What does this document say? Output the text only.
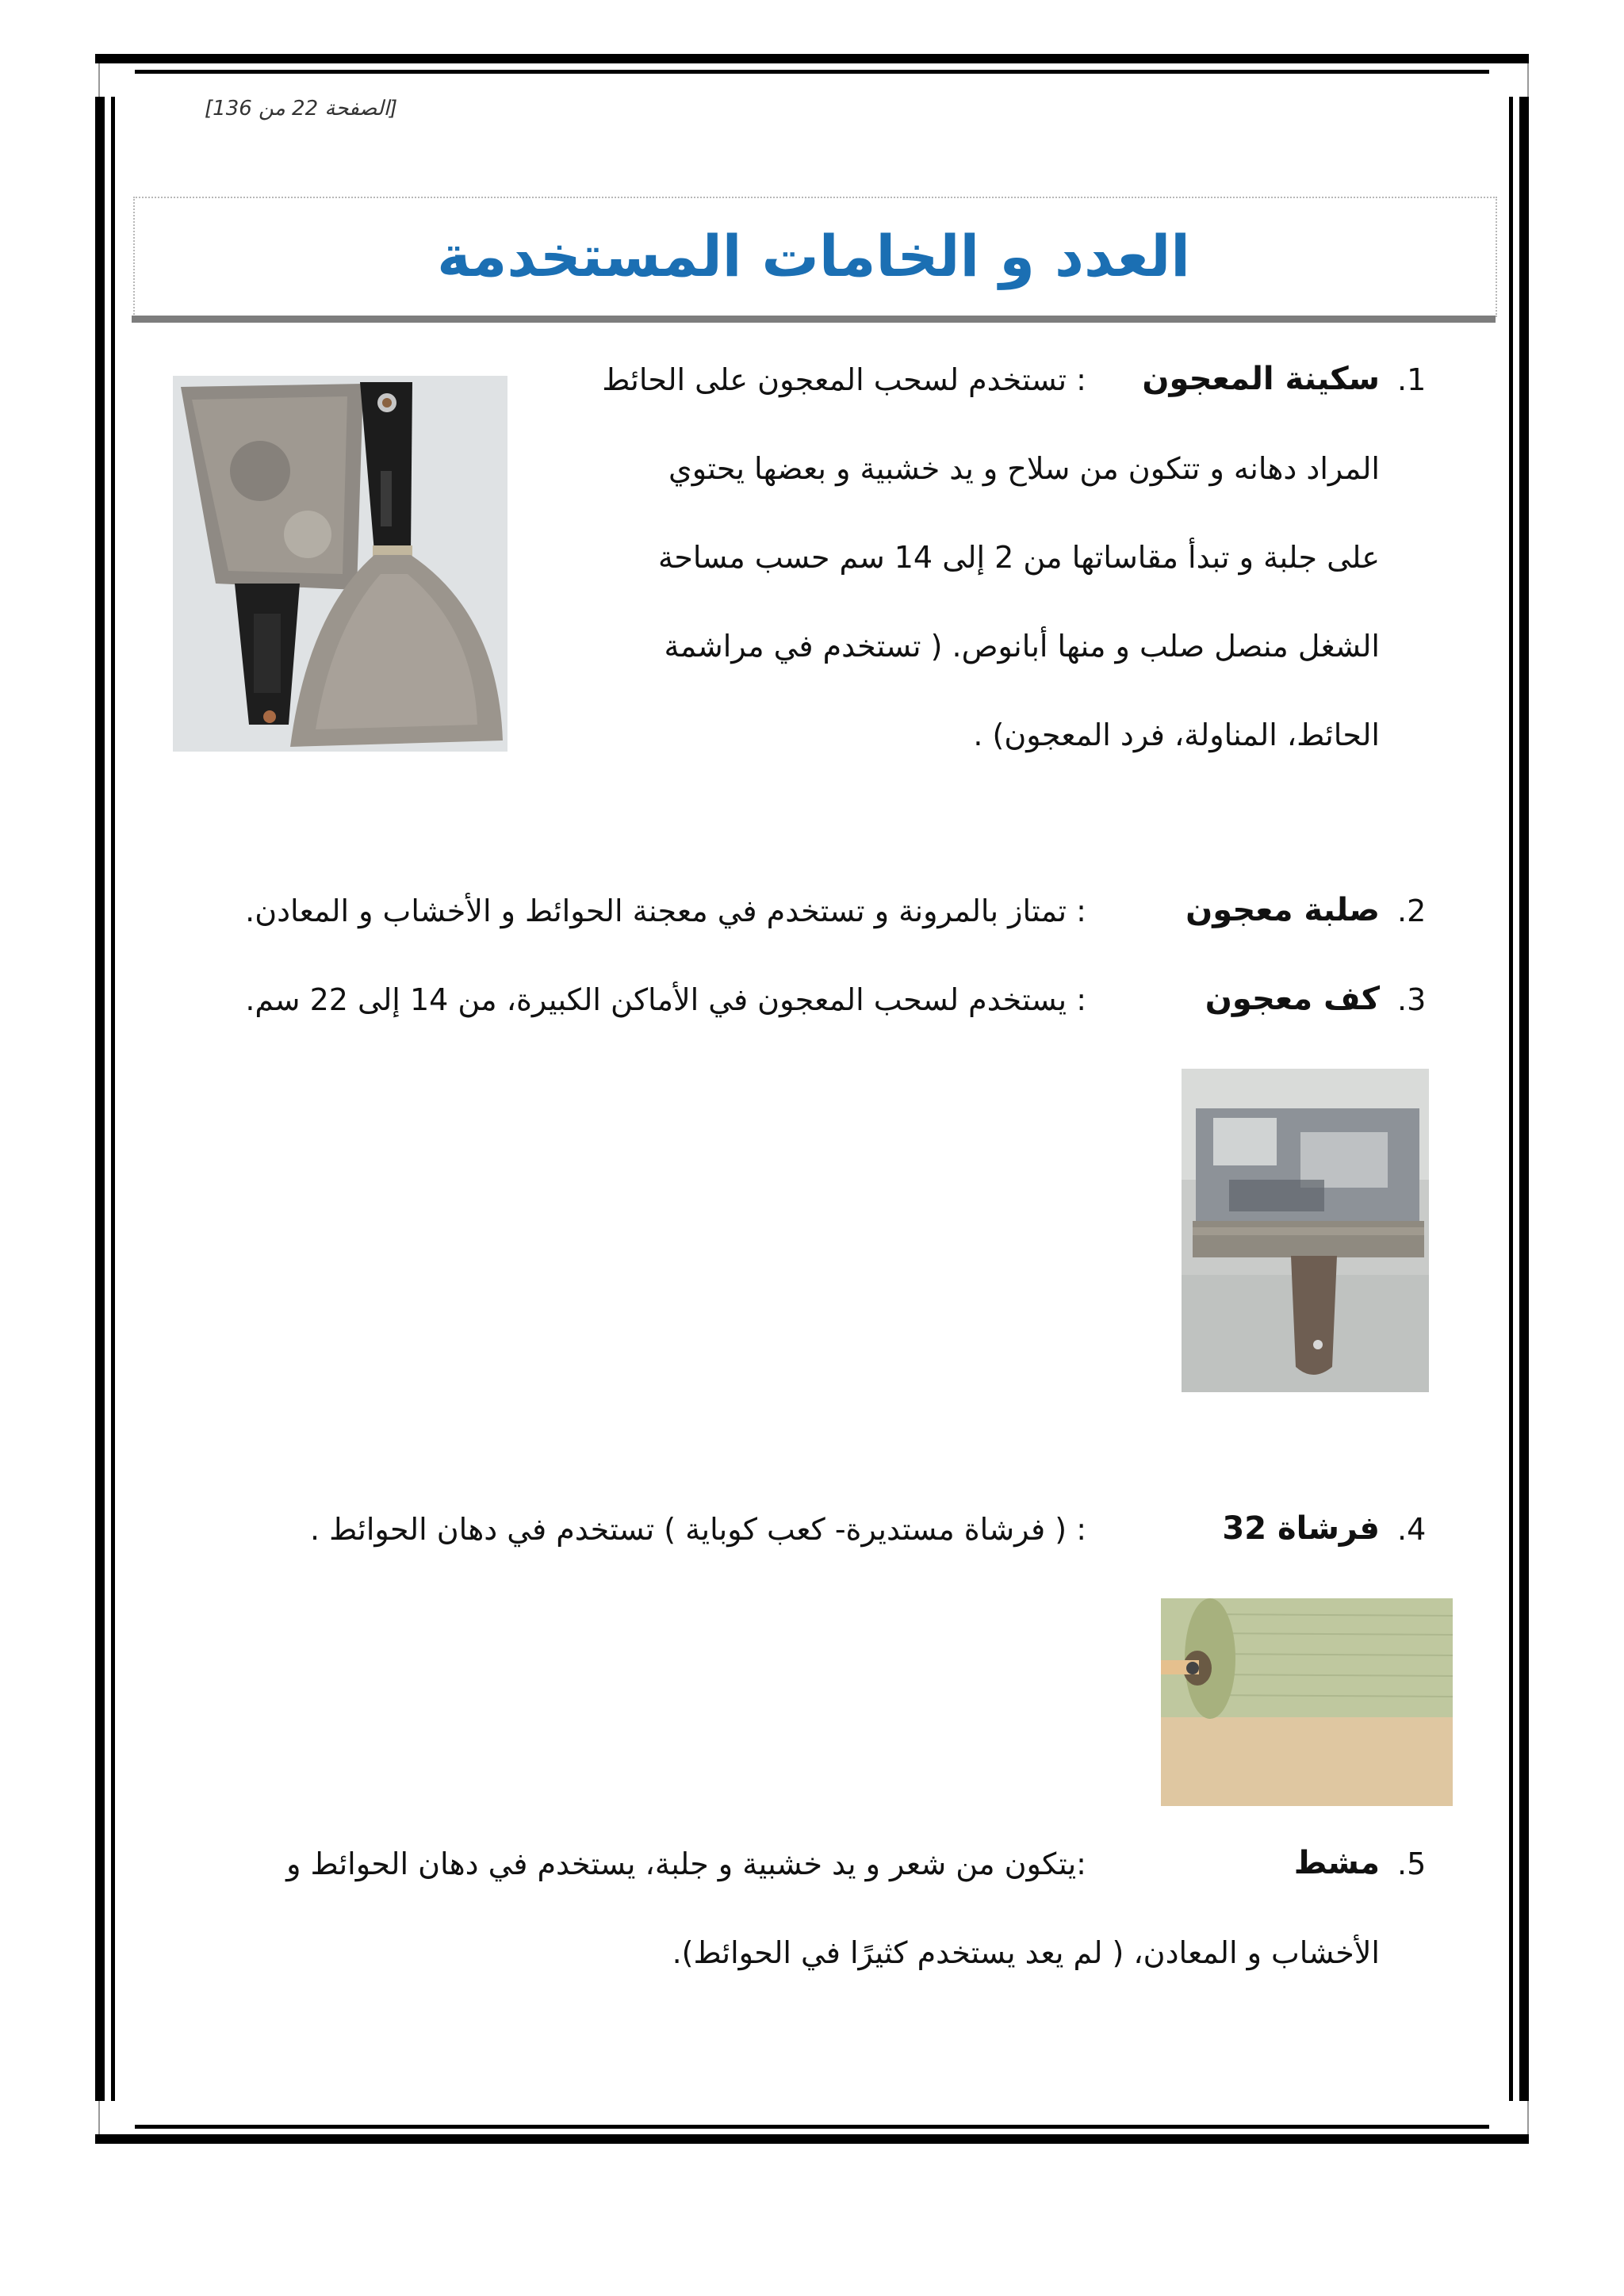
[الصفحة 22 من 136]
العدد و الخامات المستخدمة
.1
سكينة المعجون
: تستخدم لسحب المعجون على الحائط
المراد دهانه و تتكون من سلاح و يد خشبية و بعضها يحتوي
على جلبة و تبدأ مقاساتها من 2 إلى 14 سم حسب مساحة
الشغل منصل صلب و منها أبانوص. ( تستخدم في مراشمة
الحائط، المناولة، فرد المعجون) .
.2
صلبة معجون
: تمتاز بالمرونة و تستخدم في معجنة الحوائط و الأخشاب و المعادن.
.3
كف معجون
: يستخدم لسحب المعجون في الأماكن الكبيرة، من 14 إلى 22 سم.
.4
فرشاة 32
: ( فرشاة مستديرة- كعب كوباية ) تستخدم في دهان الحوائط .
.5
مشط
:يتكون من شعر و يد خشبية و جلبة، يستخدم في دهان الحوائط و
الأخشاب و المعادن، ( لم يعد يستخدم كثيرًا في الحوائط).
